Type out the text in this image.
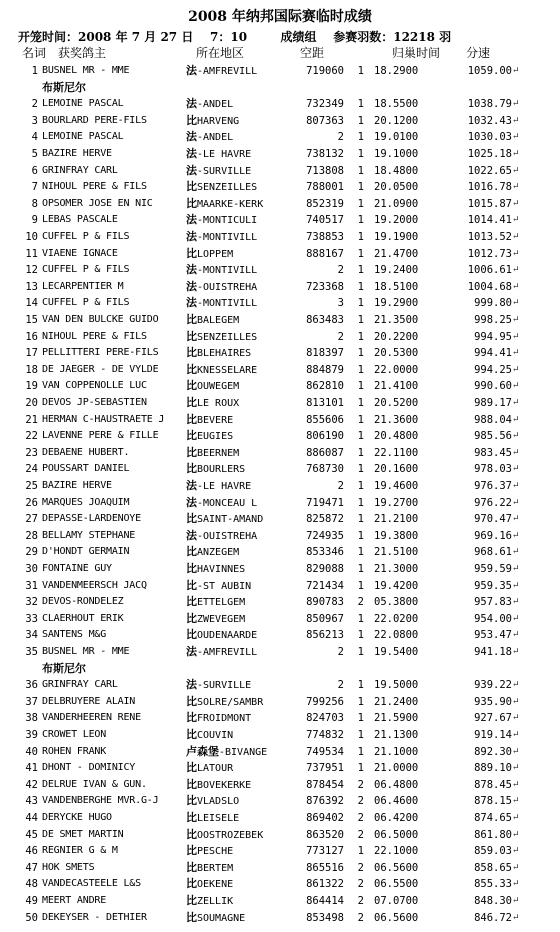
2008 年纳邦国际赛临时成绩
开笼时间：2008 年 7 月 27 日    7：10        成绩组    参赛羽数：12218 羽
名词 获奖鸽主	所在地区	空距	归巢时间 分速
1 BUSNEL MR - MME	法-AMFREVILL	719060	1 18.2900	1059.00 ↵
布斯尼尔
2 LEMOINE PASCAL	法-ANDEL	732349	1 18.5500	1038.79 ↵
3 BOURLARD PERE-FILS	比HARVENG	807363	1 20.1200	1032.43 ↵
4 LEMOINE PASCAL	法-ANDEL	2	1 19.0100	1030.03 ↵
5 BAZIRE HERVE	法-LE HAVRE	738132	1 19.1000	1025.18 ↵
6 GRINFRAY CARL	法-SURVILLE	713808	1 18.4800	1022.65 ↵
7 NIHOUL PERE & FILS	比SENZEILLES	788001	1 20.0500	1016.78 ↵
8 OPSOMER JOSE EN NIC	比MAARKE-KERK	852319	1 21.0900	1015.87 ↵
9 LEBAS PASCALE	法-MONTICULI	740517	1 19.2000	1014.41 ↵
10 CUFFEL P & FILS	法-MONTIVILL	738853	1 19.1900	1013.52 ↵
11 VIAENE IGNACE	比LOPPEM	888167	1 21.4700	1012.73 ↵
12 CUFFEL P & FILS	法-MONTIVILL	2	1 19.2400	1006.61 ↵
13 LECARPENTIER M	法-OUISTREHA	723368	1 18.5100	1004.68 ↵
14 CUFFEL P & FILS	法-MONTIVILL	3	1 19.2900	999.80 ↵
15 VAN DEN BULCKE GUIDO	比BALEGEM	863483	1 21.3500	998.25 ↵
16 NIHOUL PERE & FILS	比SENZEILLES	2	1 20.2200	994.95 ↵
17 PELLITTERI PERE-FILS	比BLEHAIRES	818397	1 20.5300	994.41 ↵
18 DE JAEGER - DE VYLDE	比KNESSELARE	884879	1 22.0000	994.25 ↵
19 VAN COPPENOLLE LUC	比OUWEGEM	862810	1 21.4100	990.60 ↵
20 DEVOS JP-SEBASTIEN	比LE ROUX	813101	1 20.5200	989.17 ↵
21 HERMAN C-HAUSTRAETE J	比BEVERE	855606	1 21.3600	988.04 ↵
22 LAVENNE PERE & FILLE	比EUGIES	806190	1 20.4800	985.56 ↵
23 DEBAENE HUBERT.	比BEERNEM	886087	1 22.1100	983.45 ↵
24 POUSSART DANIEL	比BOURLERS	768730	1 20.1600	978.03 ↵
25 BAZIRE HERVE	法-LE HAVRE	2	1 19.4600	976.37 ↵
26 MARQUES JOAQUIM	法-MONCEAU L	719471	1 19.2700	976.22 ↵
27 DEPASSE-LARDENOYE	比SAINT-AMAND	825872	1 21.2100	970.47 ↵
28 BELLAMY STEPHANE	法-OUISTREHA	724935	1 19.3800	969.16 ↵
29 D'HONDT GERMAIN	比ANZEGEM	853346	1 21.5100	968.61 ↵
30 FONTAINE GUY	比HAVINNES	829088	1 21.3000	959.59 ↵
31 VANDENMEERSCH JACQ	比-ST AUBIN	721434	1 19.4200	959.35 ↵
32 DEVOS-RONDELEZ	比ETTELGEM	890783	2 05.3800	957.83 ↵
33 CLAERHOUT ERIK	比ZWEVEGEM	850967	1 22.0200	954.00 ↵
34 SANTENS M&G	比OUDENAARDE	856213	1 22.0800	953.47 ↵
35 BUSNEL MR - MME	法-AMFREVILL	2	1 19.5400	941.18 ↵
布斯尼尔
36 GRINFRAY CARL	法-SURVILLE	2	1 19.5000	939.22 ↵
37 DELBRUYERE ALAIN	比SOLRE/SAMBR	799256	1 21.2400	935.90 ↵
38 VANDERHEEREN RENE	比FROIDMONT	824703	1 21.5900	927.67 ↵
39 CROWET LEON	比COUVIN	774832	1 21.1300	919.14 ↵
40 ROHEN FRANK	卢森堡-BIVANGE	749534	1 21.1000	892.30 ↵
41 DHONT - DOMINICY	比LATOUR	737951	1 21.0000	889.10 ↵
42 DELRUE IVAN & GUN.	比BOVEKERKE	878454	2 06.4800	878.45 ↵
43 VANDENBERGHE MVR.G-J	比VLADSLO	876392	2 06.4600	878.15 ↵
44 DERYCKE HUGO	比LEISELE	869402	2 06.4200	874.65 ↵
45 DE SMET MARTIN	比OOSTROZEBEK	863520	2 06.5000	861.80 ↵
46 REGNIER G & M	比PESCHE	773127	1 22.1000	859.03 ↵
47 HOK SMETS	比BERTEM	865516	2 06.5600	858.65 ↵
48 VANDECASTEELE L&S	比OEKENE	861322	2 06.5500	855.33 ↵
49 MEERT ANDRE	比ZELLIK	864414	2 07.0700	848.30 ↵
50 DEKEYSER - DETHIER	比SOUMAGNE	853498	2 06.5600	846.72 ↵
